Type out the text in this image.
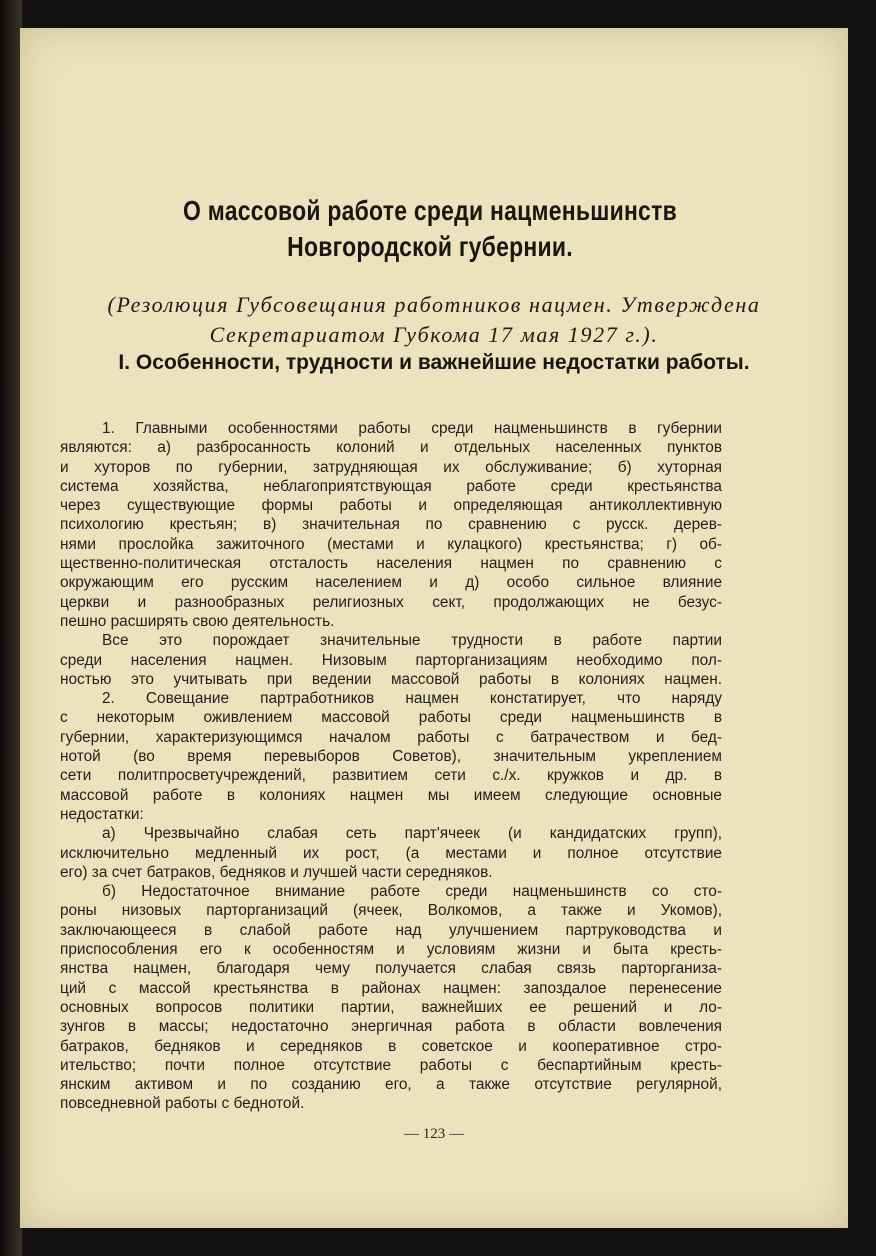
О массовой работе среди нацменьшинств Новгородской губернии.
(Резолюция Губсовещания работников нацмен. Утверждена
Секретариатом Губкома 17 мая 1927 г.).
I. Особенности, трудности и важнейшие недостатки работы.
1. Главными особенностями работы среди нацменьшинств в губернии
являются: а) разбросанность колоний и отдельных населенных пунктов
и хуторов по губернии, затрудняющая их обслуживание; б) хуторная
система хозяйства, неблагоприятствующая работе среди крестьянства
через существующие формы работы и определяющая антиколлективную
психологию крестьян; в) значительная по сравнению с русск. дерев-
нями прослойка зажиточного (местами и кулацкого) крестьянства; г) об-
щественно-политическая отсталость населения нацмен по сравнению с
окружающим его русским населением и д) особо сильное влияние
церкви и разнообразных религиозных сект, продолжающих не безус-
пешно расширять свою деятельность.
Все это порождает значительные трудности в работе партии
среди населения нацмен. Низовым парторганизациям необходимо пол-
ностью это учитывать при ведении массовой работы в колониях нацмен.
2. Совещание партработников нацмен констатирует, что наряду
с некоторым оживлением массовой работы среди нацменьшинств в
губернии, характеризующимся началом работы с батрачеством и бед-
нотой (во время перевыборов Советов), значительным укреплением
сети политпросветучреждений, развитием сети с./х. кружков и др. в
массовой работе в колониях нацмен мы имеем следующие основные
недостатки:
а) Чрезвычайно слабая сеть парт'ячеек (и кандидатских групп),
исключительно медленный их рост, (а местами и полное отсутствие
его) за счет батраков, бедняков и лучшей части середняков.
б) Недостаточное внимание работе среди нацменьшинств со сто-
роны низовых парторганизаций (ячеек, Волкомов, а также и Укомов),
заключающееся в слабой работе над улучшением партруководства и
приспособления его к особенностям и условиям жизни и быта кресть-
янства нацмен, благодаря чему получается слабая связь парторганиза-
ций с массой крестьянства в районах нацмен: запоздалое перенесение
основных вопросов политики партии, важнейших ее решений и ло-
зунгов в массы; недостаточно энергичная работа в области вовлечения
батраков, бедняков и середняков в советское и кооперативное стро-
ительство; почти полное отсутствие работы с беспартийным кресть-
янским активом и по созданию его, а также отсутствие регулярной,
повседневной работы с беднотой.
— 123 —
